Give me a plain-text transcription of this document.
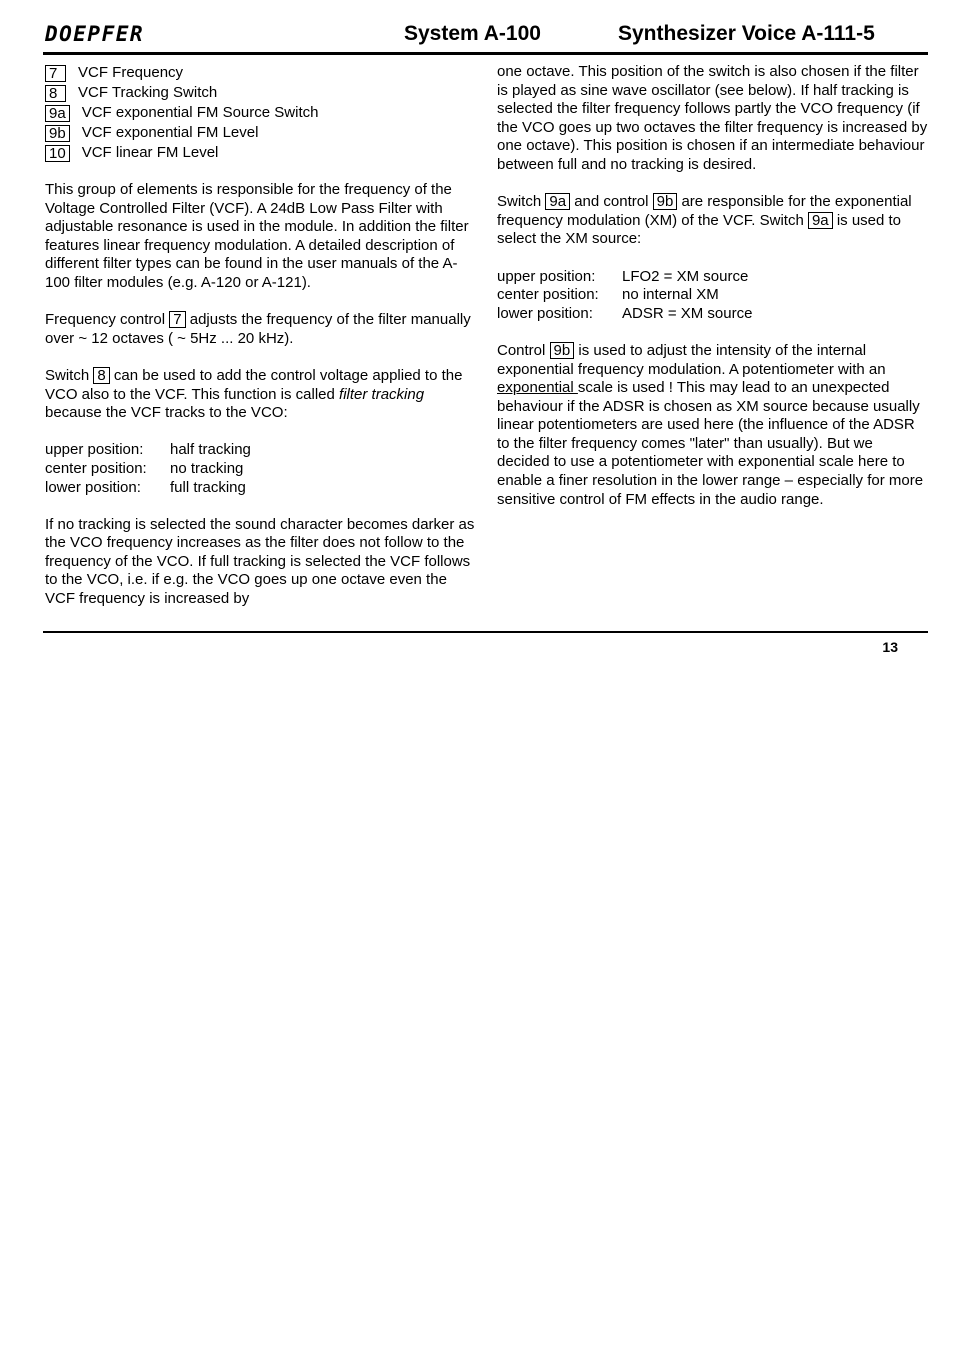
DOEPFER	System A-100	Synthesizer Voice A-111-5
7	VCF Frequency
8	VCF Tracking Switch
9a VCF exponential FM Source Switch
9b VCF exponential FM Level
10 VCF linear FM Level

This group of elements is responsible for the frequency of the Voltage Controlled Filter (VCF). A 24dB Low Pass Filter with adjustable resonance is used in the module. In addition the filter features linear frequency modulation. A detailed description of different filter types can be found in the user manuals of the A-100 filter modules (e.g. A-120 or A-121).

Frequency control 7 adjusts the frequency of the filter manually over ~ 12 octaves ( ~ 5Hz ... 20 kHz).

Switch 8 can be used to add the control voltage applied to the VCO also to the VCF. This function is called filter tracking because the VCF tracks to the VCO:

upper position:	half tracking
center position:	no tracking
lower position:	full tracking

If no tracking is selected the sound character becomes darker as the VCO frequency increases as the filter does not follow to the frequency of the VCO. If full tracking is selected the VCF follows to the VCO, i.e. if e.g. the VCO goes up one octave even the VCF frequency is increased by

one octave. This position of the switch is also chosen if the filter is played as sine wave oscillator (see below). If half tracking is selected the filter frequency follows partly the VCO frequency (if the VCO goes up two octaves the filter frequency is increased by one octave). This position is chosen if an intermediate behaviour between full and no tracking is desired.

Switch 9a and control 9b are responsible for the exponential frequency modulation (XM) of the VCF. Switch 9a is used to select the XM source:

upper position:	LFO2 = XM source
center position:	no internal XM
lower position:	ADSR = XM source

Control 9b is used to adjust the intensity of the internal exponential frequency modulation. A potentiometer with an exponential scale is used ! This may lead to an unexpected behaviour if the ADSR is chosen as XM source because usually linear potentiometers are used here (the influence of the ADSR to the filter frequency comes "later" than usually). But we decided to use a potentiometer with exponential scale here to enable a finer resolution in the lower range – especially for more sensitive control of FM effects in the audio range.

13
